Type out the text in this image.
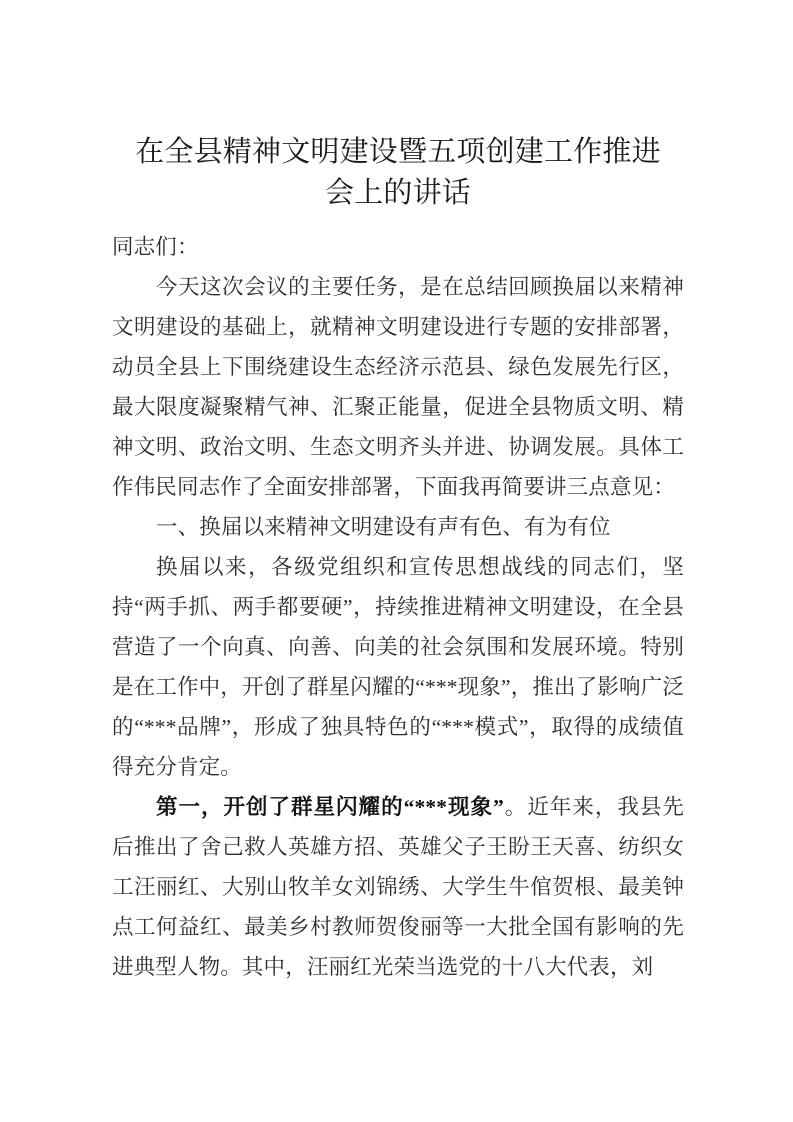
在全县精神文明建设暨五项创建工作推进
会上的讲话

同志们：

今天这次会议的主要任务，是在总结回顾换届以来精神文明建设的基础上，就精神文明建设进行专题的安排部署，动员全县上下围绕建设生态经济示范县、绿色发展先行区，最大限度凝聚精气神、汇聚正能量，促进全县物质文明、精神文明、政治文明、生态文明齐头并进、协调发展。具体工作伟民同志作了全面安排部署，下面我再简要讲三点意见：

一、换届以来精神文明建设有声有色、有为有位

换届以来，各级党组织和宣传思想战线的同志们，坚持“两手抓、两手都要硬”，持续推进精神文明建设，在全县营造了一个向真、向善、向美的社会氛围和发展环境。特别是在工作中，开创了群星闪耀的“***现象”，推出了影响广泛的“***品牌”，形成了独具特色的“***模式”，取得的成绩值得充分肯定。

第一，开创了群星闪耀的“***现象”。近年来，我县先后推出了舍己救人英雄方招、英雄父子王盼王天喜、纺织女工汪丽红、大别山牧羊女刘锦绣、大学生牛倌贺根、最美钟点工何益红、最美乡村教师贺俊丽等一大批全国有影响的先进典型人物。其中，汪丽红光荣当选党的十八大代表，刘
